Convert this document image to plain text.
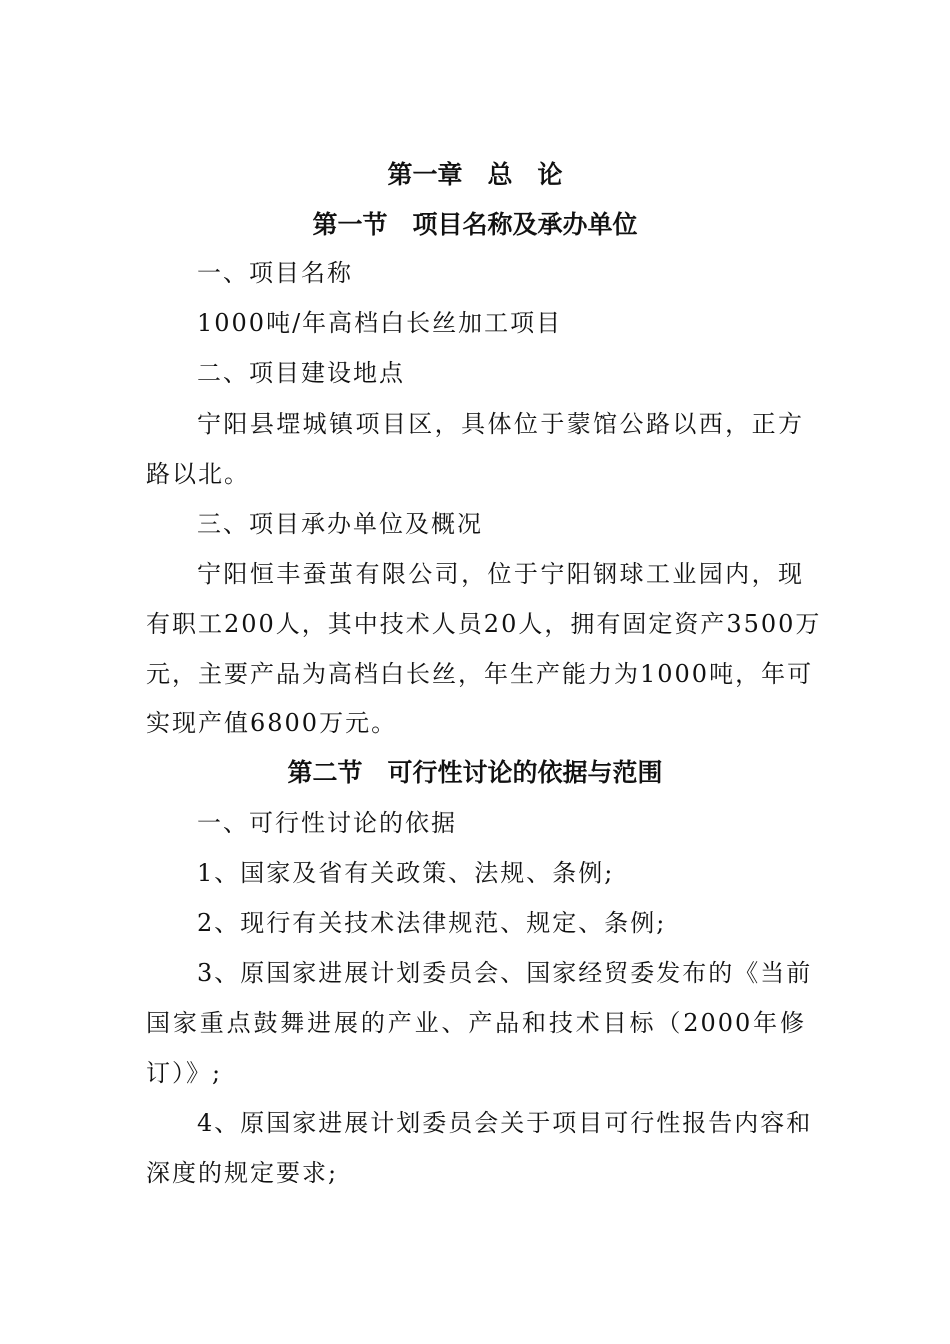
第一章　总　论
第一节　项目名称及承办单位
一、项目名称
1000吨/年高档白长丝加工项目
二、项目建设地点
宁阳县堽城镇项目区，具体位于蒙馆公路以西，正方
路以北。
三、项目承办单位及概况
宁阳恒丰蚕茧有限公司，位于宁阳钢球工业园内，现
有职工200人，其中技术人员20人，拥有固定资产3500万
元，主要产品为高档白长丝，年生产能力为1000吨，年可
实现产值6800万元。
第二节　可行性讨论的依据与范围
一、可行性讨论的依据
1、国家及省有关政策、法规、条例;
2、现行有关技术法律规范、规定、条例;
3、原国家进展计划委员会、国家经贸委发布的《当前
国家重点鼓舞进展的产业、产品和技术目标（2000年修
订）》;
4、原国家进展计划委员会关于项目可行性报告内容和
深度的规定要求;
